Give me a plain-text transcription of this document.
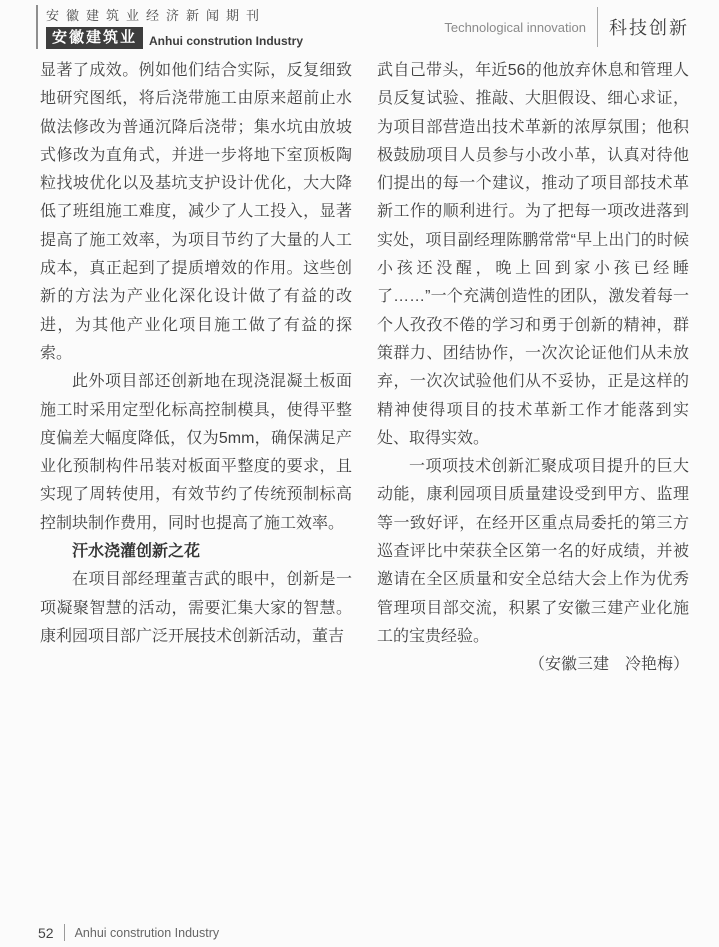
安徽建筑业经济新闻期刊
安徽建筑业	Anhui constrution Industry
Technological innovation 科技创新

显著了成效。例如他们结合实际，反复细致地研究图纸，将后浇带施工由原来超前止水做法修改为普通沉降后浇带；集水坑由放坡式修改为直角式，并进一步将地下室顶板陶粒找坡优化以及基坑支护设计优化，大大降低了班组施工难度，减少了人工投入，显著提高了施工效率，为项目节约了大量的人工成本，真正起到了提质增效的作用。这些创新的方法为产业化深化设计做了有益的改进，为其他产业化项目施工做了有益的探索。

此外项目部还创新地在现浇混凝土板面施工时采用定型化标高控制模具，使得平整度偏差大幅度降低，仅为5mm，确保满足产业化预制构件吊装对板面平整度的要求，且实现了周转使用，有效节约了传统预制标高控制块制作费用，同时也提高了施工效率。

汗水浇灌创新之花

在项目部经理董吉武的眼中，创新是一项凝聚智慧的活动，需要汇集大家的智慧。康利园项目部广泛开展技术创新活动，董吉

武自己带头，年近56的他放弃休息和管理人员反复试验、推敲、大胆假设、细心求证，为项目部营造出技术革新的浓厚氛围；他积极鼓励项目人员参与小改小革，认真对待他们提出的每一个建议，推动了项目部技术革新工作的顺利进行。为了把每一项改进落到实处，项目副经理陈鹏常常“早上出门的时候小孩还没醒，晚上回到家小孩已经睡了……”一个充满创造性的团队，激发着每一个人孜孜不倦的学习和勇于创新的精神，群策群力、团结协作，一次次论证他们从未放弃，一次次试验他们从不妥协，正是这样的精神使得项目的技术革新工作才能落到实处、取得实效。

一项项技术创新汇聚成项目提升的巨大动能，康利园项目质量建设受到甲方、监理等一致好评，在经开区重点局委托的第三方巡查评比中荣获全区第一名的好成绩，并被邀请在全区质量和安全总结大会上作为优秀管理项目部交流，积累了安徽三建产业化施工的宝贵经验。

（安徽三建　冷艳梅）

52 Anhui constrution Industry
